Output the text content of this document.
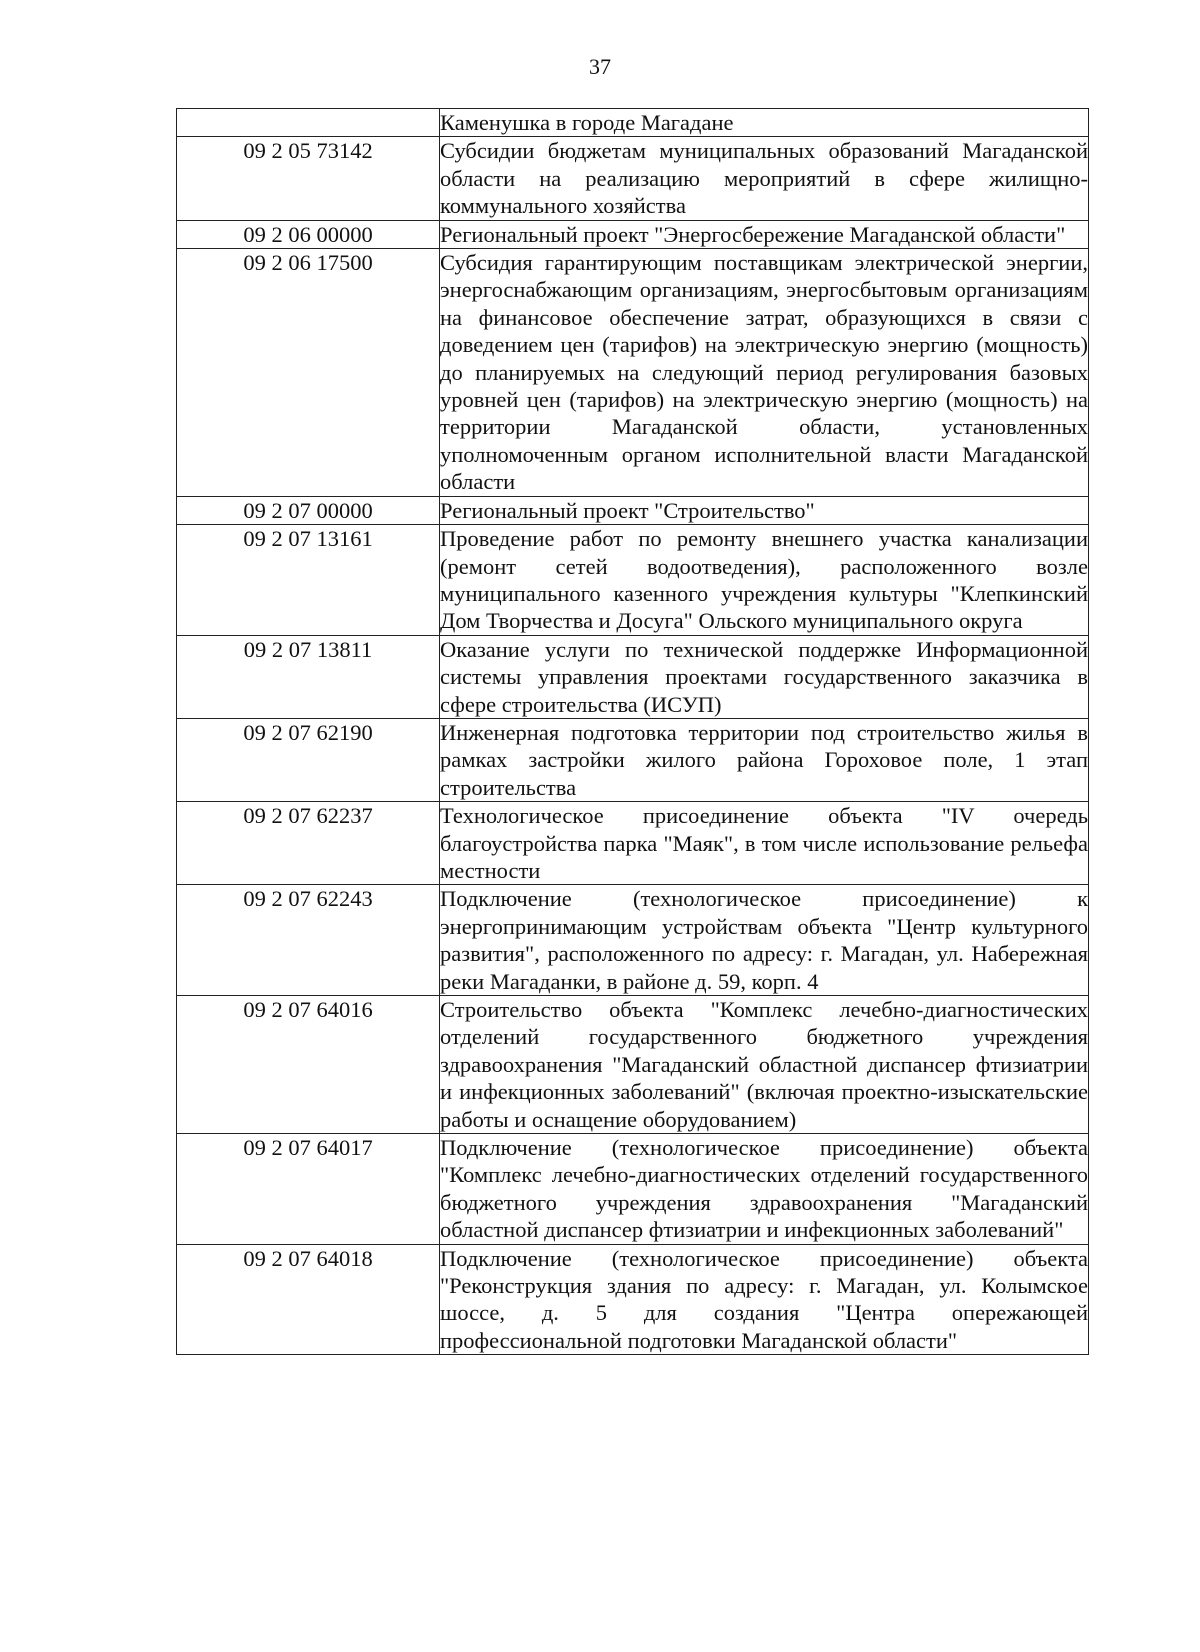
37

	Каменушка в городе Магадане

09 2 05 73142	Субсидии бюджетам муниципальных образований Магаданской области на реализацию мероприятий в сфере жилищно-коммунального хозяйства

09 2 06 00000	Региональный проект "Энергосбережение Магаданской области"

09 2 06 17500	Субсидия гарантирующим поставщикам электрической энергии, энергоснабжающим организациям, энергосбытовым организациям на финансовое обеспечение затрат, образующихся в связи с доведением цен (тарифов) на электрическую энергию (мощность) до планируемых на следующий период регулирования базовых уровней цен (тарифов) на электрическую энергию (мощность) на территории Магаданской области, установленных уполномоченным органом исполнительной власти Магаданской области

09 2 07 00000	Региональный проект "Строительство"

09 2 07 13161	Проведение работ по ремонту внешнего участка канализации (ремонт сетей водоотведения), расположенного возле муниципального казенного учреждения культуры "Клепкинский Дом Творчества и Досуга" Ольского муниципального округа

09 2 07 13811	Оказание услуги по технической поддержке Информационной системы управления проектами государственного заказчика в сфере строительства (ИСУП)

09 2 07 62190	Инженерная подготовка территории под строительство жилья в рамках застройки жилого района Гороховое поле, 1 этап строительства

09 2 07 62237	Технологическое присоединение объекта "IV очередь благоустройства парка "Маяк", в том числе использование рельефа местности

09 2 07 62243	Подключение (технологическое присоединение) к энергопринимающим устройствам объекта "Центр культурного развития", расположенного по адресу: г. Магадан, ул. Набережная реки Магаданки, в районе д. 59, корп. 4

09 2 07 64016	Строительство объекта "Комплекс лечебно-диагностических отделений государственного бюджетного учреждения здравоохранения "Магаданский областной диспансер фтизиатрии и инфекционных заболеваний" (включая проектно-изыскательские работы и оснащение оборудованием)

09 2 07 64017	Подключение (технологическое присоединение) объекта "Комплекс лечебно-диагностических отделений государственного бюджетного учреждения здравоохранения "Магаданский областной диспансер фтизиатрии и инфекционных заболеваний"

09 2 07 64018	Подключение (технологическое присоединение) объекта "Реконструкция здания по адресу: г. Магадан, ул. Колымское шоссе, д. 5 для создания "Центра опережающей профессиональной подготовки Магаданской области"
